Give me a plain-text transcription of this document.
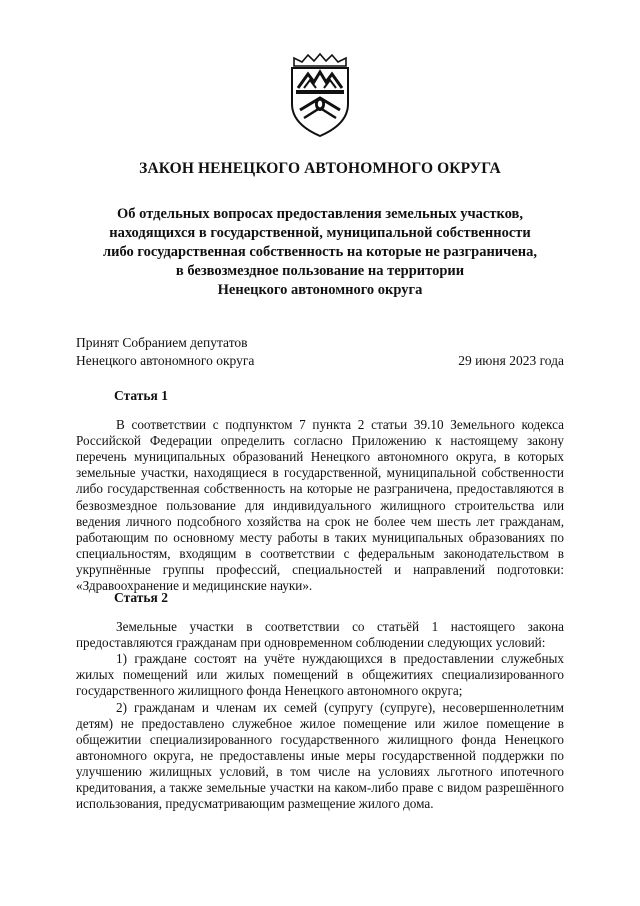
ЗАКОН НЕНЕЦКОГО АВТОНОМНОГО ОКРУГА
Об отдельных вопросах предоставления земельных участков,
находящихся в государственной, муниципальной собственности
либо государственная собственность на которые не разграничена,
в безвозмездное пользование на территории
Ненецкого автономного округа
Принят Собранием депутатов
Ненецкого автономного округа	29 июня 2023 года
Статья 1

В соответствии с подпунктом 7 пункта 2 статьи 39.10 Земельного кодекса Российской Федерации определить согласно Приложению к настоящему закону перечень муниципальных образований Ненецкого автономного округа, в которых земельные участки, находящиеся в государственной, муниципальной собственности либо государственная собственность на которые не разграничена, предоставляются в безвозмездное пользование для индивидуального жилищного строительства или ведения личного подсобного хозяйства на срок не более чем шесть лет гражданам, работающим по основному месту работы в таких муниципальных образованиях по специальностям, входящим в соответствии с федеральным законодательством в укрупнённые группы профессий, специальностей и направлений подготовки: «Здравоохранение и медицинские науки».

Статья 2

Земельные участки в соответствии со статьёй 1 настоящего закона предоставляются гражданам при одновременном соблюдении следующих условий:

1) граждане состоят на учёте нуждающихся в предоставлении служебных жилых помещений или жилых помещений в общежитиях специализированного государственного жилищного фонда Ненецкого автономного округа;

2) гражданам и членам их семей (супругу (супруге), несовершеннолетним детям) не предоставлено служебное жилое помещение или жилое помещение в общежитии специализированного государственного жилищного фонда Ненецкого автономного округа, не предоставлены иные меры государственной поддержки по улучшению жилищных условий, в том числе на условиях льготного ипотечного кредитования, а также земельные участки на каком-либо праве с видом разрешённого использования, предусматривающим размещение жилого дома.
